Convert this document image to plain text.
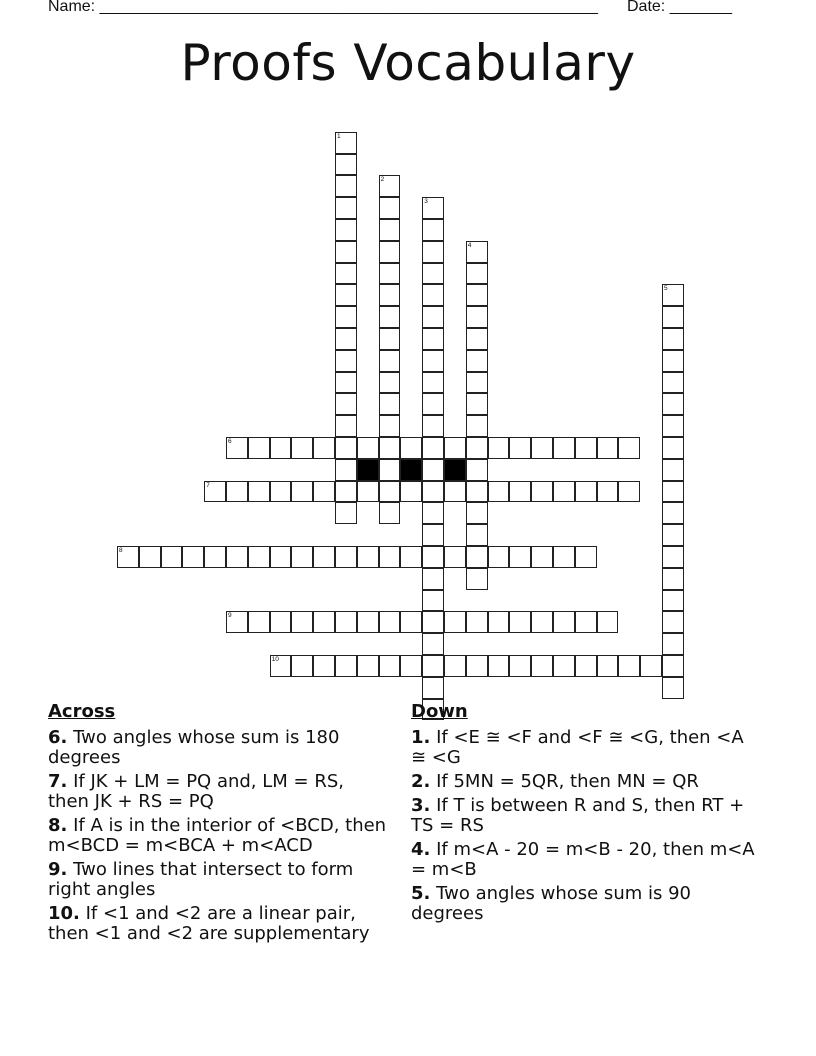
Name: ________________________________________________________ Date: _______
Proofs Vocabulary
1
2
3
4
5
6
7
8
9
10
Across
6. Two angles whose sum is 180 degrees
7. If JK + LM = PQ and, LM = RS, then JK + RS = PQ
8. If A is in the interior of <BCD, then m<BCD = m<BCA + m<ACD
9. Two lines that intersect to form right angles
10. If <1 and <2 are a linear pair, then <1 and <2 are supplementary
Down
1. If <E ≅ <F and <F ≅ <G, then <A ≅ <G
2. If 5MN = 5QR, then MN = QR
3. If T is between R and S, then RT + TS = RS
4. If m<A - 20 = m<B - 20, then m<A = m<B
5. Two angles whose sum is 90 degrees
